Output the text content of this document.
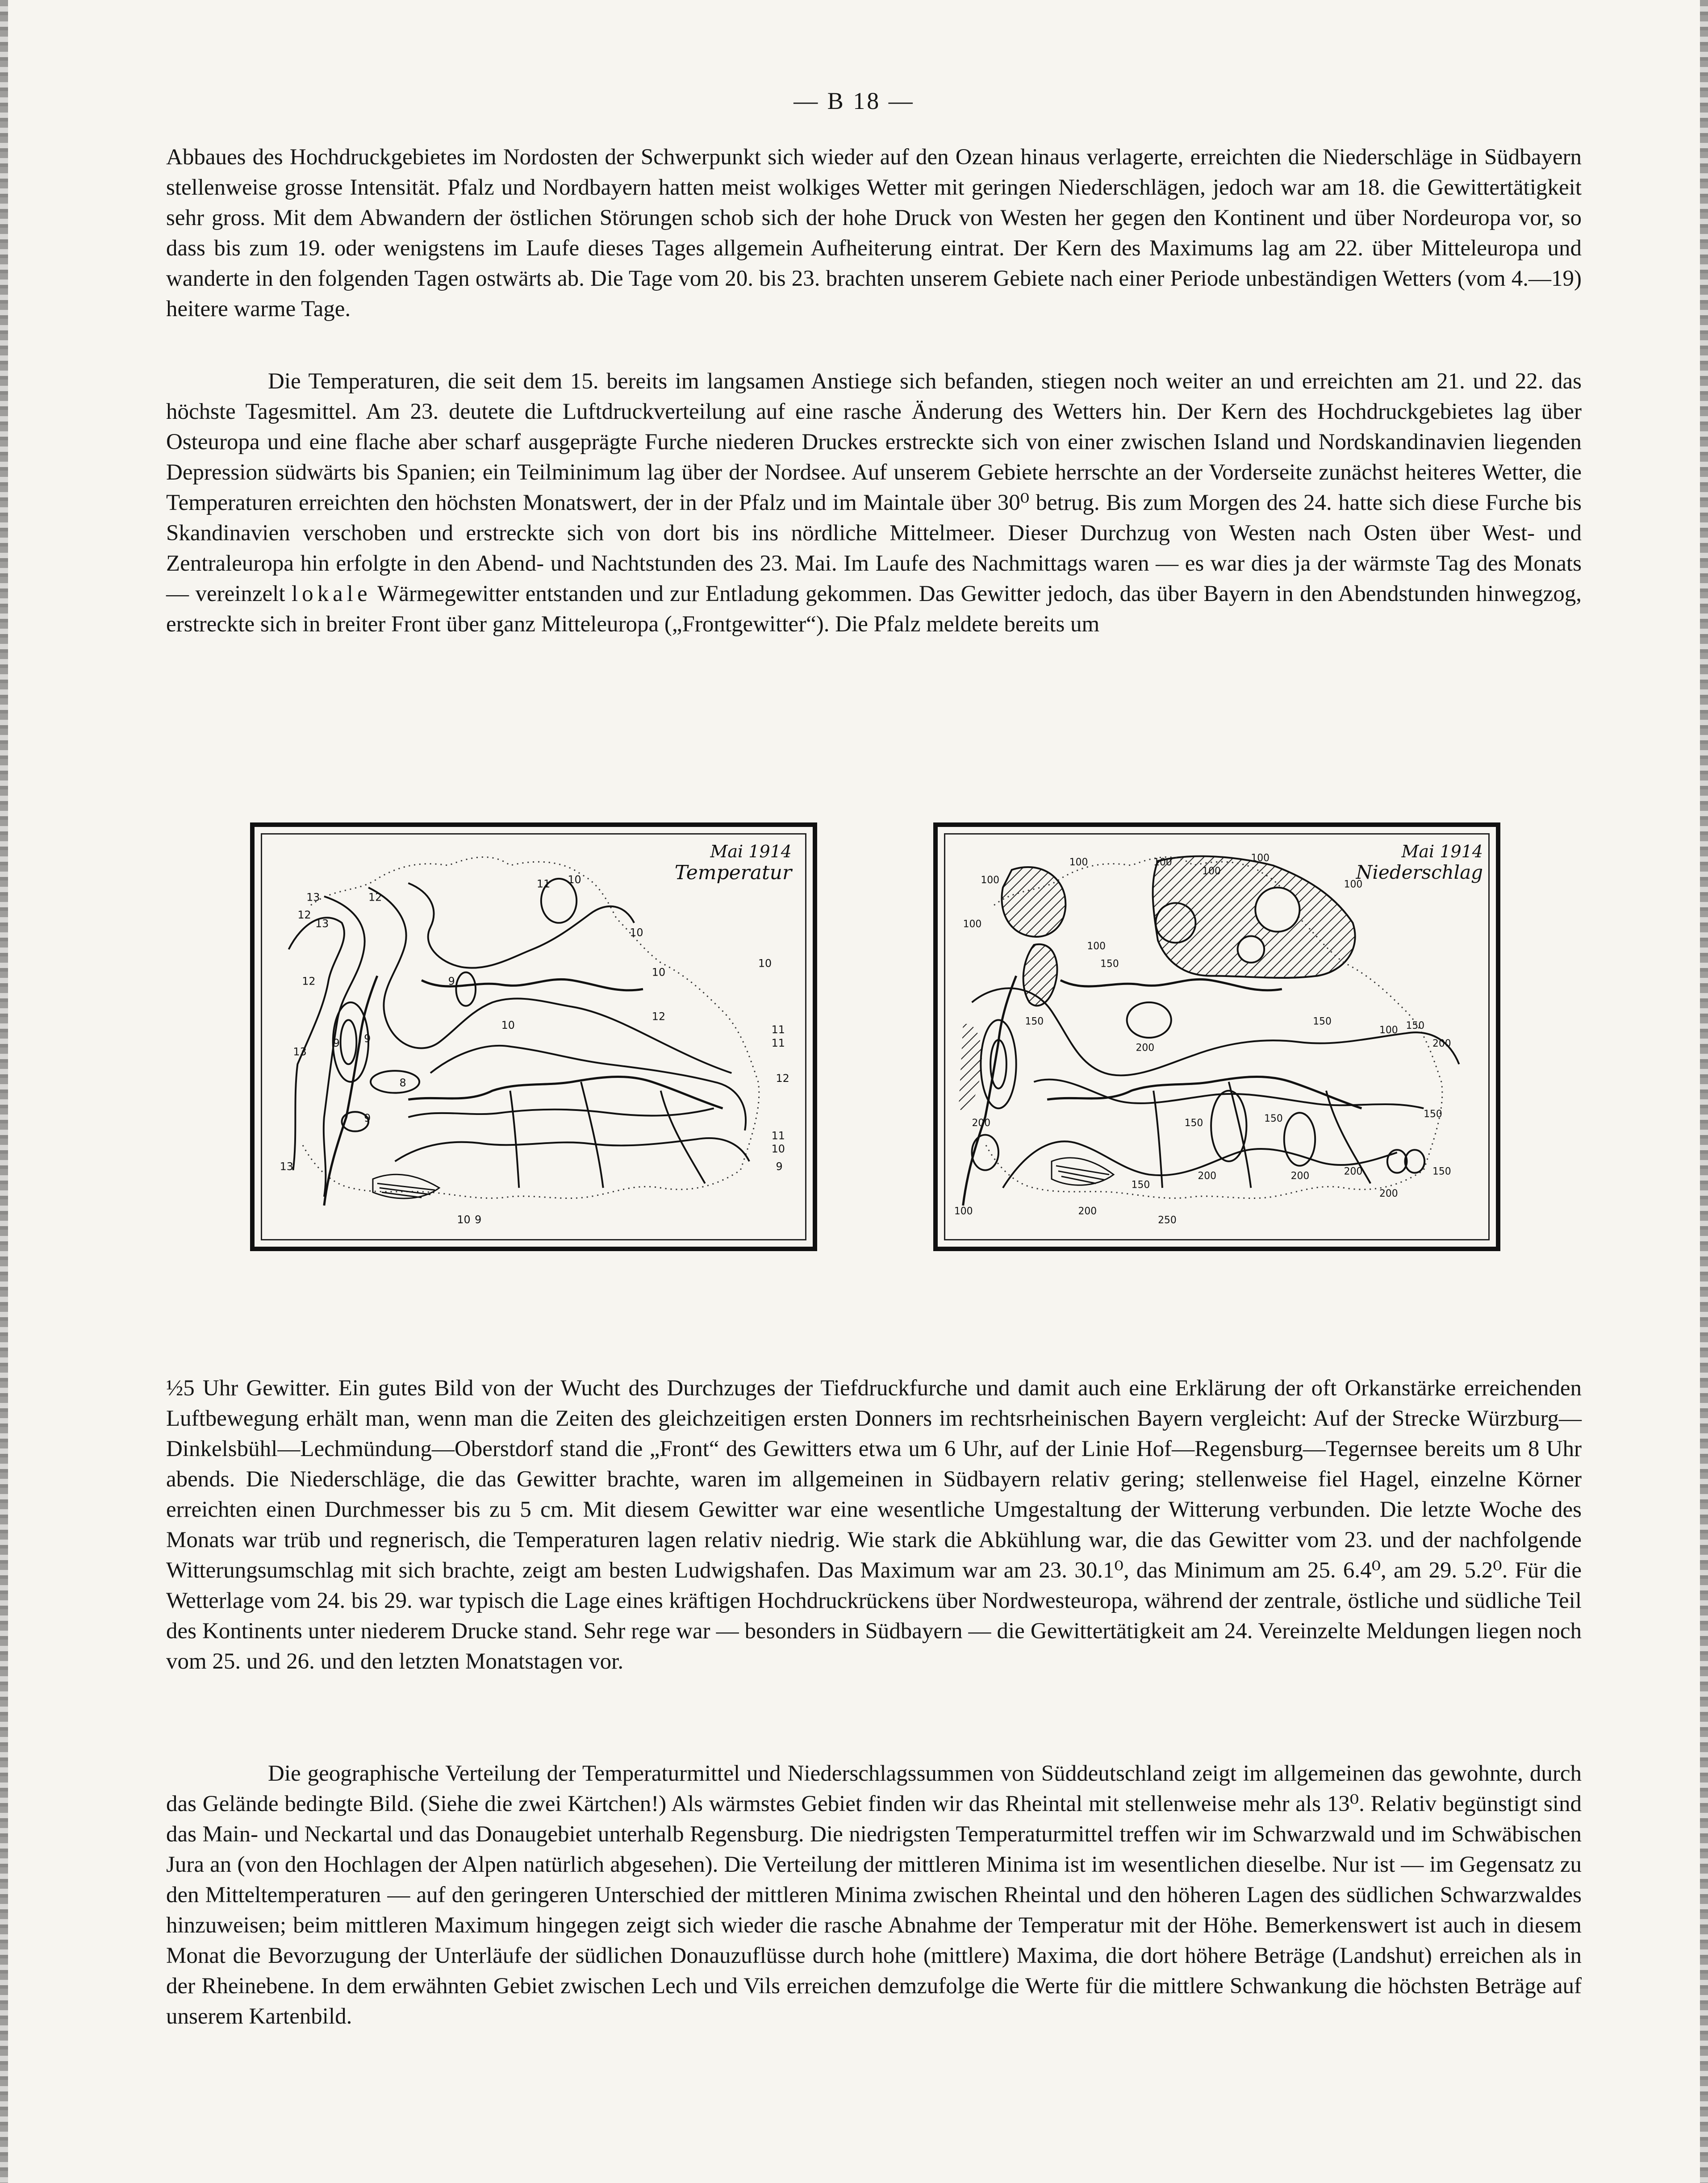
— B 18 —

Abbaues des Hochdruckgebietes im Nordosten der Schwerpunkt sich wieder auf den Ozean hinaus verlagerte, erreichten die Niederschläge in Südbayern stellenweise grosse Intensität. Pfalz und Nordbayern hatten meist wolkiges Wetter mit geringen Niederschlägen, jedoch war am 18. die Gewittertätigkeit sehr gross. Mit dem Abwandern der östlichen Störungen schob sich der hohe Druck von Westen her gegen den Kontinent und über Nordeuropa vor, so dass bis zum 19. oder wenigstens im Laufe dieses Tages allgemein Aufheiterung eintrat. Der Kern des Maximums lag am 22. über Mitteleuropa und wanderte in den folgenden Tagen ostwärts ab. Die Tage vom 20. bis 23. brachten unserem Gebiete nach einer Periode unbeständigen Wetters (vom 4.—19) heitere warme Tage.

Die Temperaturen, die seit dem 15. bereits im langsamen Anstiege sich befanden, stiegen noch weiter an und erreichten am 21. und 22. das höchste Tagesmittel. Am 23. deutete die Luftdruckverteilung auf eine rasche Änderung des Wetters hin. Der Kern des Hochdruckgebietes lag über Osteuropa und eine flache aber scharf ausgeprägte Furche niederen Druckes erstreckte sich von einer zwischen Island und Nordskandinavien liegenden Depression südwärts bis Spanien; ein Teilminimum lag über der Nordsee. Auf unserem Gebiete herrschte an der Vorderseite zunächst heiteres Wetter, die Temperaturen erreichten den höchsten Monatswert, der in der Pfalz und im Maintale über 30⁰ betrug. Bis zum Morgen des 24. hatte sich diese Furche bis Skandinavien verschoben und erstreckte sich von dort bis ins nördliche Mittelmeer. Dieser Durchzug von Westen nach Osten über West- und Zentraleuropa hin erfolgte in den Abend- und Nachtstunden des 23. Mai. Im Laufe des Nachmittags waren — es war dies ja der wärmste Tag des Monats — vereinzelt lokale Wärmegewitter entstanden und zur Entladung gekommen. Das Gewitter jedoch, das über Bayern in den Abendstunden hinwegzog, erstreckte sich in breiter Front über ganz Mitteleuropa („Frontgewitter“). Die Pfalz meldete bereits um

13	12
11 10
12
13
12
10
11
10
12
9
9
9
10
13
9
8
10
12
11
11
10
9
13
10 9
Mai 1914
Temperatur	100
100
100
100
100
100
100
100
150
100 150
150
200
150
200
150
200	150
200
150
200
150
200
200
150
100	200
250
Mai 1914
Niederschlag

½5 Uhr Gewitter. Ein gutes Bild von der Wucht des Durchzuges der Tiefdruckfurche und damit auch eine Erklärung der oft Orkanstärke erreichenden Luftbewegung erhält man, wenn man die Zeiten des gleichzeitigen ersten Donners im rechtsrheinischen Bayern vergleicht: Auf der Strecke Würzburg—Dinkelsbühl—Lechmündung—Oberstdorf stand die „Front“ des Gewitters etwa um 6 Uhr, auf der Linie Hof—Regensburg—Tegernsee bereits um 8 Uhr abends. Die Niederschläge, die das Gewitter brachte, waren im allgemeinen in Südbayern relativ gering; stellenweise fiel Hagel, einzelne Körner erreichten einen Durchmesser bis zu 5 cm. Mit diesem Gewitter war eine wesentliche Umgestaltung der Witterung verbunden. Die letzte Woche des Monats war trüb und regnerisch, die Temperaturen lagen relativ niedrig. Wie stark die Abkühlung war, die das Gewitter vom 23. und der nachfolgende Witterungsumschlag mit sich brachte, zeigt am besten Ludwigshafen. Das Maximum war am 23. 30.1⁰, das Minimum am 25. 6.4⁰, am 29. 5.2⁰. Für die Wetterlage vom 24. bis 29. war typisch die Lage eines kräftigen Hochdruckrückens über Nordwesteuropa, während der zentrale, östliche und südliche Teil des Kontinents unter niederem Drucke stand. Sehr rege war — besonders in Südbayern — die Gewittertätigkeit am 24. Vereinzelte Meldungen liegen noch vom 25. und 26. und den letzten Monatstagen vor.

Die geographische Verteilung der Temperaturmittel und Niederschlagssummen von Süddeutschland zeigt im allgemeinen das gewohnte, durch das Gelände bedingte Bild. (Siehe die zwei Kärtchen!) Als wärmstes Gebiet finden wir das Rheintal mit stellenweise mehr als 13⁰. Relativ begünstigt sind das Main- und Neckartal und das Donaugebiet unterhalb Regensburg. Die niedrigsten Temperaturmittel treffen wir im Schwarzwald und im Schwäbischen Jura an (von den Hochlagen der Alpen natürlich abgesehen). Die Verteilung der mittleren Minima ist im wesentlichen dieselbe. Nur ist — im Gegensatz zu den Mitteltemperaturen — auf den geringeren Unterschied der mittleren Minima zwischen Rheintal und den höheren Lagen des südlichen Schwarzwaldes hinzuweisen; beim mittleren Maximum hingegen zeigt sich wieder die rasche Abnahme der Temperatur mit der Höhe. Bemerkenswert ist auch in diesem Monat die Bevorzugung der Unterläufe der südlichen Donauzuflüsse durch hohe (mittlere) Maxima, die dort höhere Beträge (Landshut) erreichen als in der Rheinebene. In dem erwähnten Gebiet zwischen Lech und Vils erreichen demzufolge die Werte für die mittlere Schwankung die höchsten Beträge auf unserem Kartenbild.
